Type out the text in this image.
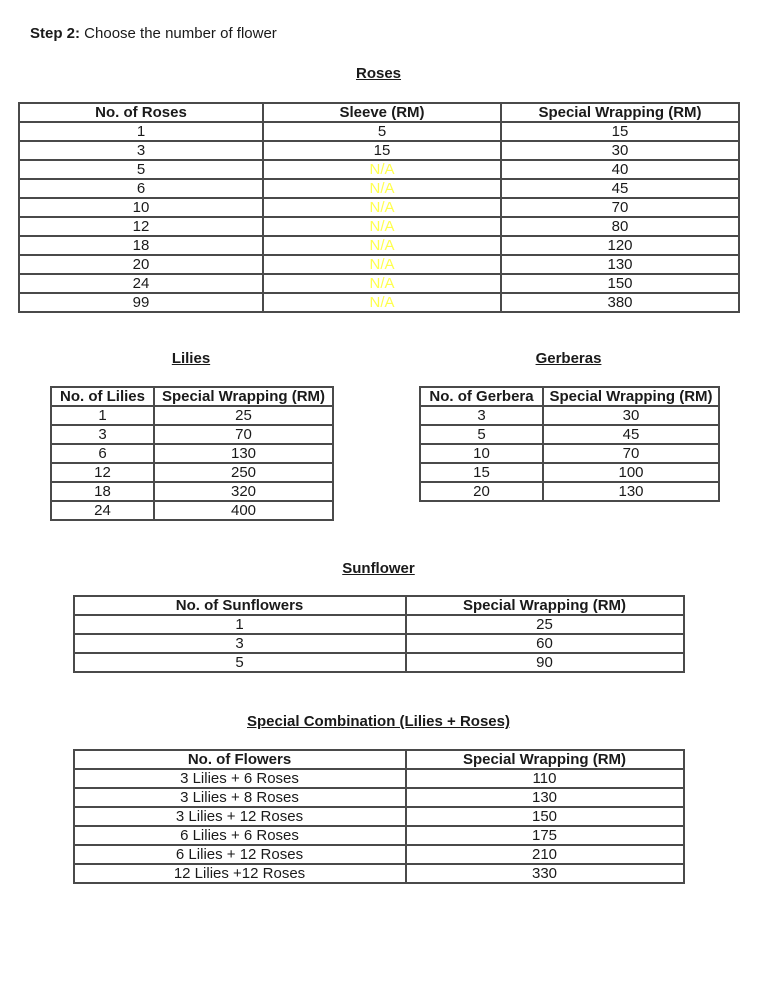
Step 2: Choose the number of flower
Roses
No. of Roses	Sleeve (RM)	Special Wrapping (RM)
1	5	15
3	15	30
5	N/A	40
6	N/A	45
10	N/A	70
12	N/A	80
18	N/A	120
20	N/A	130
24	N/A	150
99	N/A	380
Lilies
No. of Lilies	Special Wrapping (RM)
1	25
3	70
6	130
12	250
18	320
24	400
Gerberas
No. of Gerbera	Special Wrapping (RM)
3	30
5	45
10	70
15	100
20	130
Sunflower
No. of Sunflowers	Special Wrapping (RM)
1	25
3	60
5	90
Special Combination (Lilies + Roses)
No. of Flowers	Special Wrapping (RM)
3 Lilies + 6 Roses	110
3 Lilies + 8 Roses	130
3 Lilies + 12 Roses	150
6 Lilies + 6 Roses	175
6 Lilies + 12 Roses	210
12 Lilies +12 Roses	330
